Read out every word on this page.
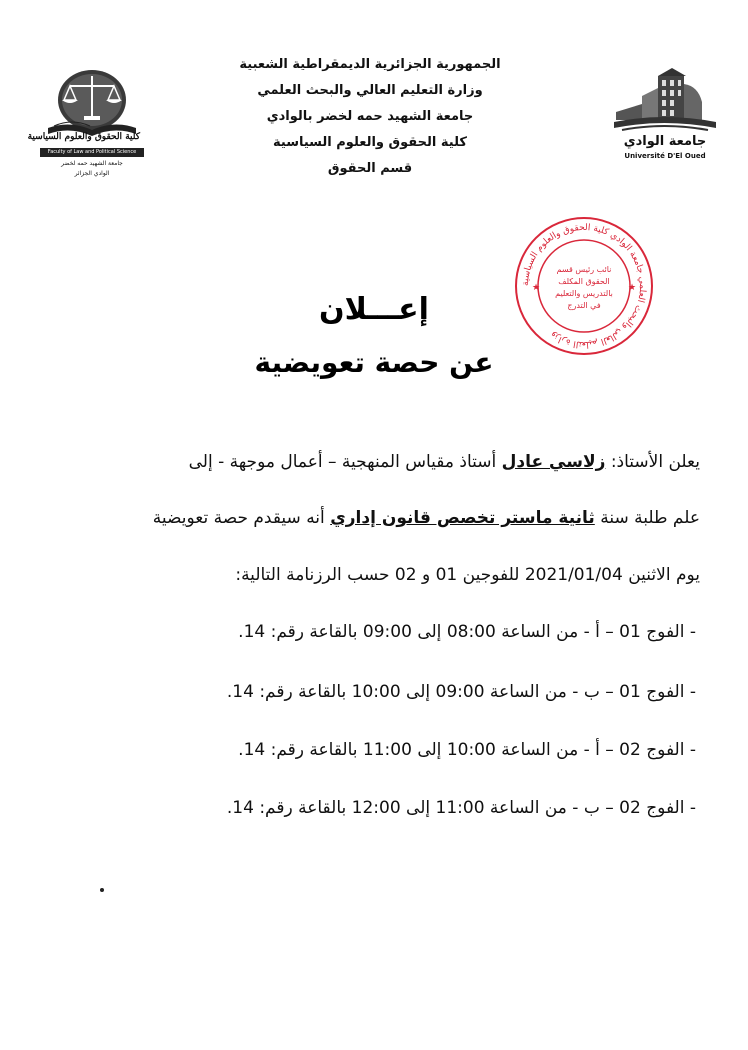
الجمهورية الجزائرية الديمقراطية الشعبية
وزارة التعليم العالي والبحث العلمي
جامعة الشهيد حمه لخضر بالوادي
كلية الحقوق والعلوم السياسية
قسم الحقوق
كلية الحقوق والعلوم السياسية
Faculty of Law and Political Science
جامعة الشهيد حمه لخضر
الوادي الجزائر
جامعة الوادي
Université D'El Oued
وزارة التعليم العالي والبحث العلمي جامعة الوادي كلية الحقوق والعلوم السياسية
نائب رئيس قسم
الحقوق المكلف
بالتدريس والتعليم
في التدرج
★	★
إعـــلان
عن حصة تعويضية
يعلن الأستاذ: زلاسي عادل أستاذ مقياس المنهجية – أعمال موجهة - إلى
علم طلبة سنة ثانية ماستر تخصص قانون إداري أنه سيقدم حصة تعويضية
يوم الاثنين 2021/01/04 للفوجين 01 و 02 حسب الرزنامة التالية:
- الفوج 01 – أ - من الساعة 08:00 إلى 09:00 بالقاعة رقم: 14.
- الفوج 01 – ب - من الساعة 09:00 إلى 10:00 بالقاعة رقم: 14.
- الفوج 02 – أ - من الساعة 10:00 إلى 11:00 بالقاعة رقم: 14.
- الفوج 02 – ب - من الساعة 11:00 إلى 12:00 بالقاعة رقم: 14.
